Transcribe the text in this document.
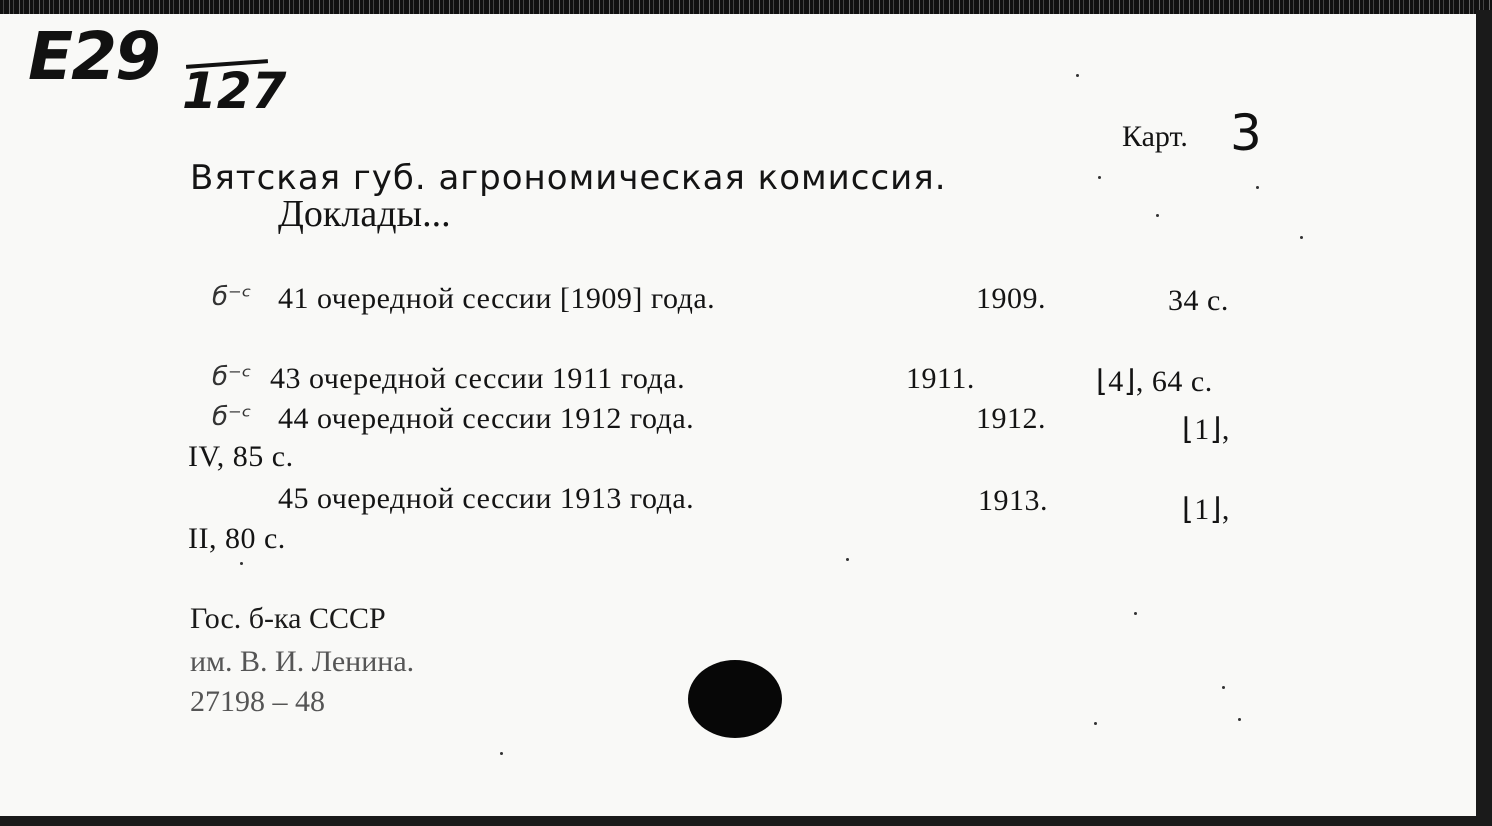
E29 127
Карт. 3
Вятская губ. агрономическая комиссия.
Доклады...
б⁻ᶜ 41 очередной сессии [1909] года.	1909.	34 с.
б⁻ᶜ 43 очередной сессии 1911 года.	1911.	⌊4⌋, 64 с.
б⁻ᶜ 44 очередной сессии 1912 года.	1912.	⌊1⌋,
IV, 85 с.
45 очередной сессии 1913 года.	1913.	⌊1⌋,
II, 80 с.
Гос. б-ка СССР
им. В. И. Ленина.
27198 – 48
